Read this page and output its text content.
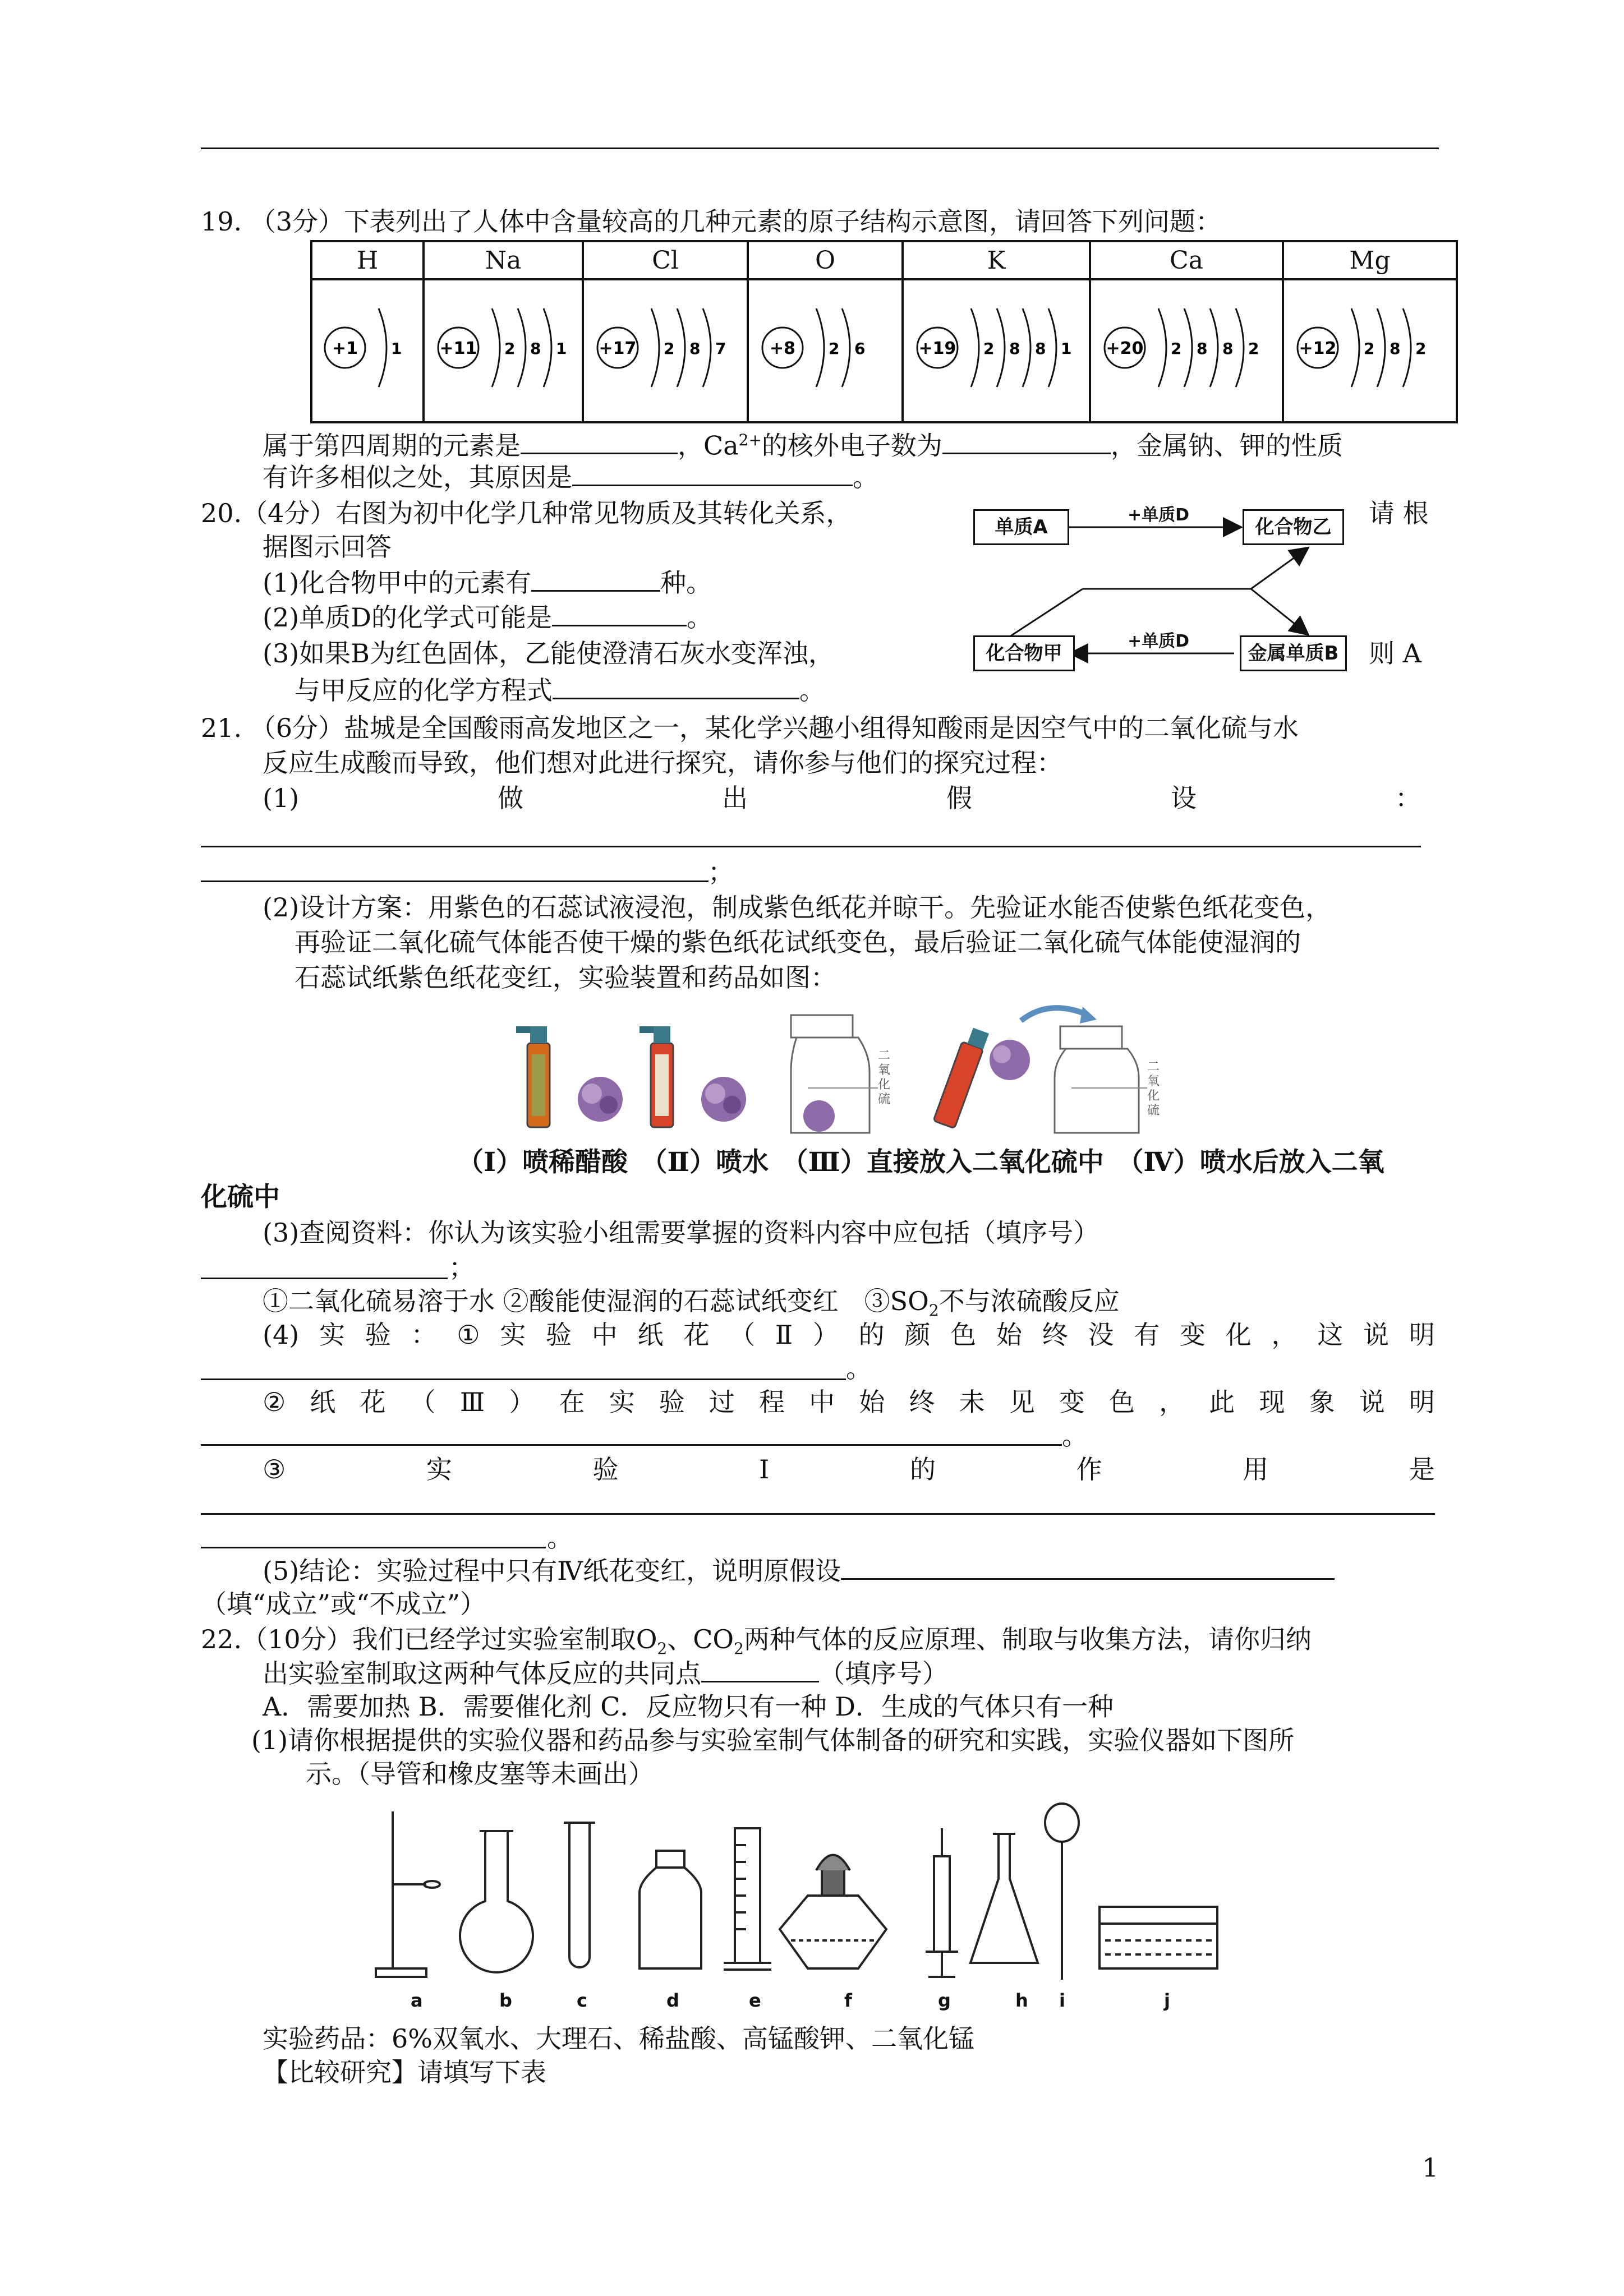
19. （3分）下表列出了人体中含量较高的几种元素的原子结构示意图，请回答下列问题：
H	Na	Cl	O	K	Ca	Mg

+1 1	+11 2 8 1	+17 2 8 7	+8 2 6	+19 2 8 8 1	+20 2 8 8 2	+12 2 8 2
属于第四周期的元素是	，$Ca^{2+}$的核外电子数为	，金属钠、钾的性质
有许多相似之处，其原因是	。
20.（4分）右图为初中化学几种常见物质及其转化关系，	请 根
据图示回答
(1)化合物甲中的元素有	种。
(2)单质D的化学式可能是	。
(3)如果B为红色固体，乙能使澄清石灰水变浑浊，	则 A
与甲反应的化学方程式	。
单质A	化合物乙
化合物甲	金属单质B
+单质D
+单质D
21. （6分）盐城是全国酸雨高发地区之一，某化学兴趣小组得知酸雨是因空气中的二氧化硫与水
反应生成酸而导致，他们想对此进行探究，请你参与他们的探究过程：
(1)	做	出	假	设	：
；
(2)设计方案：用紫色的石蕊试液浸泡，制成紫色纸花并晾干。先验证水能否使紫色纸花变色，
再验证二氧化硫气体能否使干燥的紫色纸花试纸变色，最后验证二氧化硫气体能使湿润的
石蕊试纸紫色纸花变红，实验装置和药品如图：
二氧化硫
二氧化硫
（Ⅰ）喷稀醋酸　（Ⅱ）喷水　（Ⅲ）直接放入二氧化硫中　（Ⅳ）喷水后放入二氧
化硫中
(3)查阅资料：你认为该实验小组需要掌握的资料内容中应包括（填序号）
；
①二氧化硫易溶于水 ②酸能使湿润的石蕊试纸变红　$③SO_2$不与浓硫酸反应
(4) 实 验 ： ① 实 验 中 纸 花 （ Ⅱ ） 的 颜 色 始 终 没 有 变 化 ， 这 说 明
。
② 纸 花 （ Ⅲ ） 在 实 验 过 程 中 始 终 未 见 变 色 ， 此 现 象 说 明
。
③	实	验	Ⅰ	的	作	用	是
。
(5)结论：实验过程中只有Ⅳ纸花变红，说明原假设
（填“成立”或“不成立”）
22.（10分）我们已经学过实验室制取$O_2$、$CO_2$两种气体的反应原理、制取与收集方法，请你归纳
出实验室制取这两种气体反应的共同点	（填序号）
A．需要加热 B．需要催化剂 C．反应物只有一种 D．生成的气体只有一种
(1)请你根据提供的实验仪器和药品参与实验室制气体制备的研究和实践，实验仪器如下图所
示。（导管和橡皮塞等未画出）
a	b	c	d	e	f	g	h i	j
实验药品：6%双氧水、大理石、稀盐酸、高锰酸钾、二氧化锰
【比较研究】请填写下表
1
